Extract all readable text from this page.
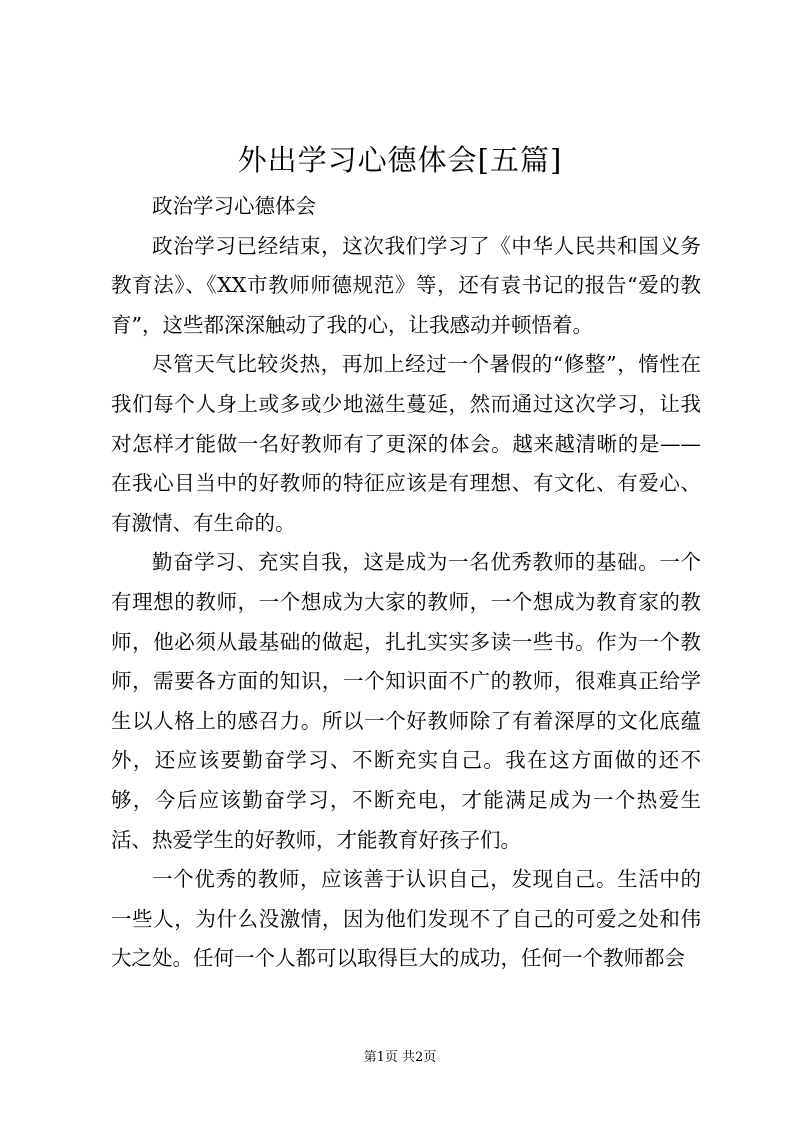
外出学习心德体会[五篇]

政治学习心德体会

政治学习已经结束，这次我们学习了《中华人民共和国义务教育法》、《XX市教师师德规范》等，还有袁书记的报告“爱的教育”，这些都深深触动了我的心，让我感动并顿悟着。

尽管天气比较炎热，再加上经过一个暑假的“修整”，惰性在我们每个人身上或多或少地滋生蔓延，然而通过这次学习，让我对怎样才能做一名好教师有了更深的体会。越来越清晰的是——在我心目当中的好教师的特征应该是有理想、有文化、有爱心、有激情、有生命的。

勤奋学习、充实自我，这是成为一名优秀教师的基础。一个有理想的教师，一个想成为大家的教师，一个想成为教育家的教师，他必须从最基础的做起，扎扎实实多读一些书。作为一个教师，需要各方面的知识，一个知识面不广的教师，很难真正给学生以人格上的感召力。所以一个好教师除了有着深厚的文化底蕴外，还应该要勤奋学习、不断充实自己。我在这方面做的还不够，今后应该勤奋学习，不断充电，才能满足成为一个热爱生活、热爱学生的好教师，才能教育好孩子们。

一个优秀的教师，应该善于认识自己，发现自己。生活中的一些人，为什么没激情，因为他们发现不了自己的可爱之处和伟大之处。任何一个人都可以取得巨大的成功，任何一个教师都会

第1页 共2页
